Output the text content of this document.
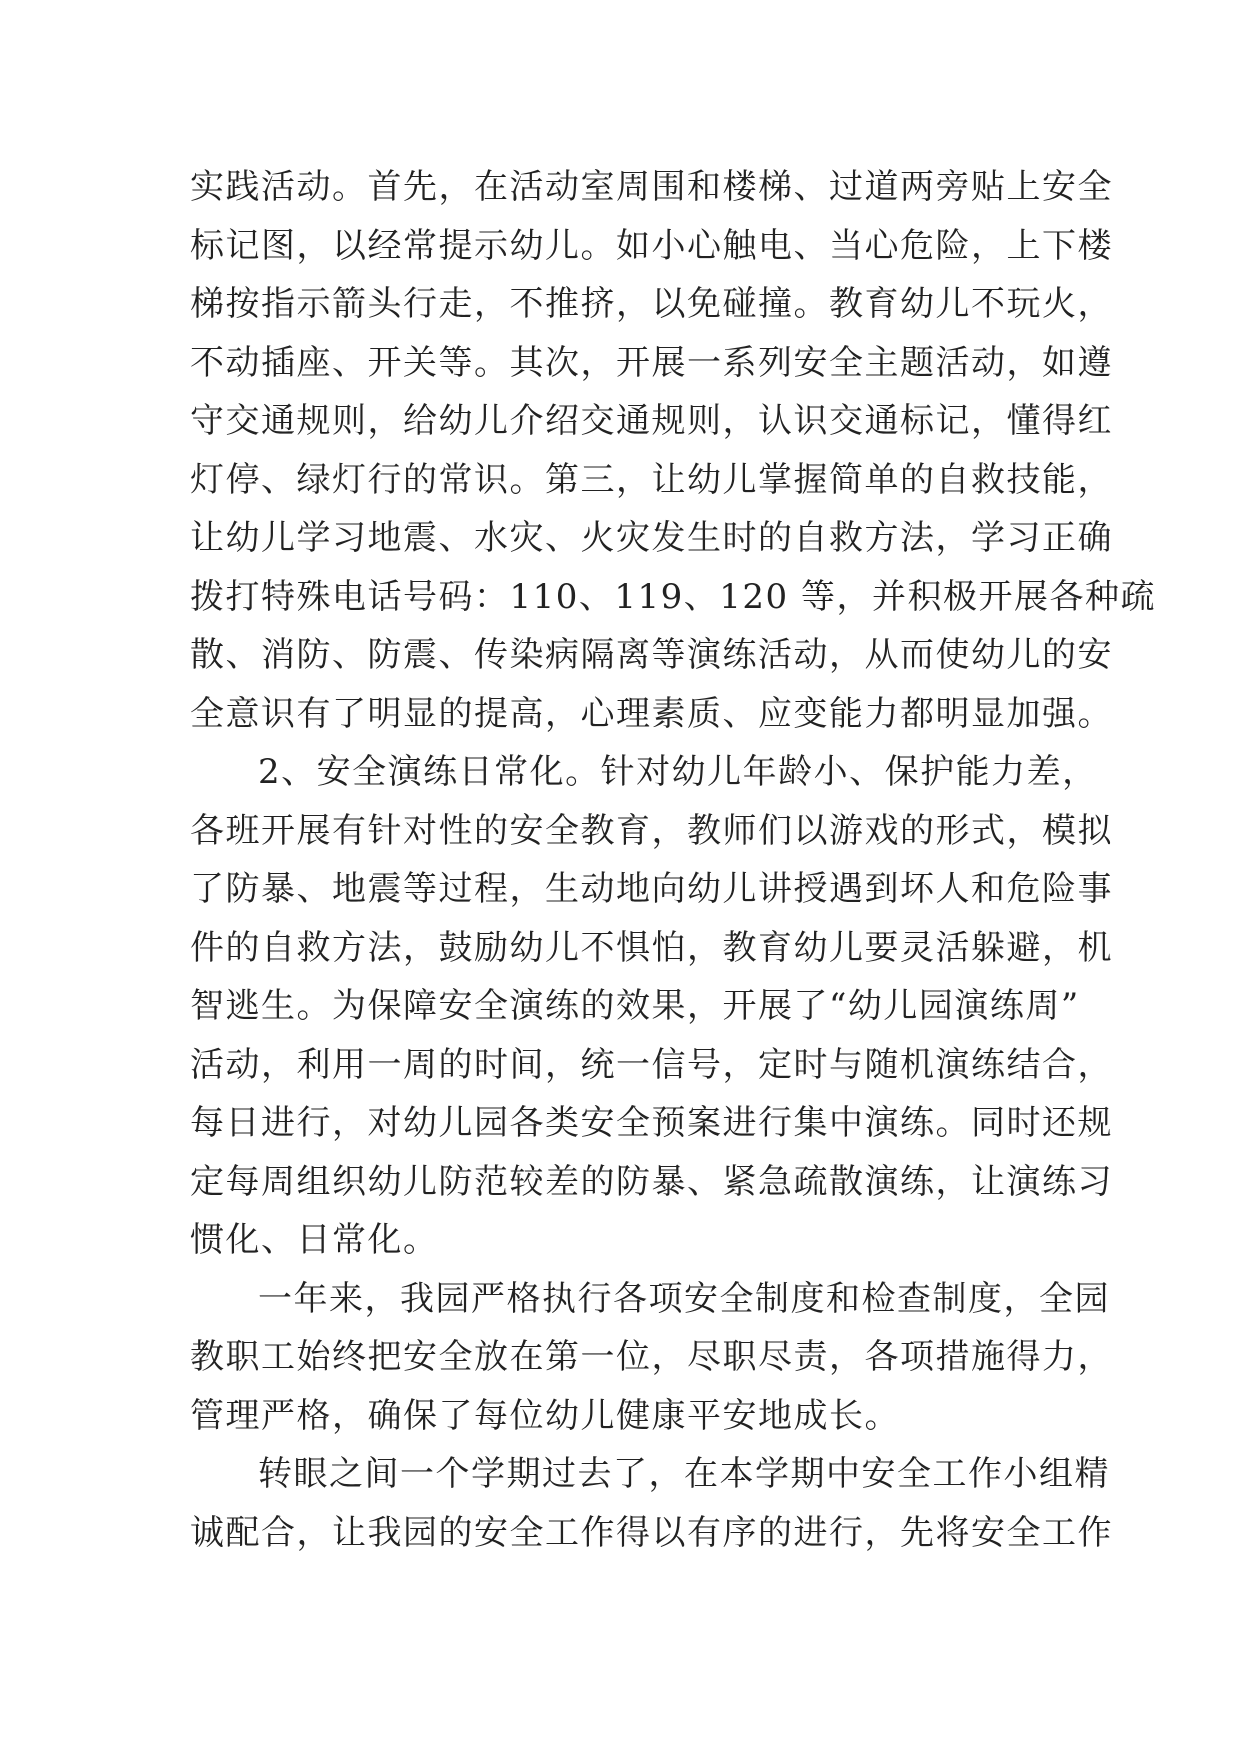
实践活动。首先，在活动室周围和楼梯、过道两旁贴上安全
标记图，以经常提示幼儿。如小心触电、当心危险，上下楼
梯按指示箭头行走，不推挤，以免碰撞。教育幼儿不玩火，
不动插座、开关等。其次，开展一系列安全主题活动，如遵
守交通规则，给幼儿介绍交通规则，认识交通标记，懂得红
灯停、绿灯行的常识。第三，让幼儿掌握简单的自救技能，
让幼儿学习地震、水灾、火灾发生时的自救方法，学习正确
拨打特殊电话号码：110、119、120 等，并积极开展各种疏
散、消防、防震、传染病隔离等演练活动，从而使幼儿的安
全意识有了明显的提高，心理素质、应变能力都明显加强。
2、安全演练日常化。针对幼儿年龄小、保护能力差，
各班开展有针对性的安全教育，教师们以游戏的形式，模拟
了防暴、地震等过程，生动地向幼儿讲授遇到坏人和危险事
件的自救方法，鼓励幼儿不惧怕，教育幼儿要灵活躲避，机
智逃生。为保障安全演练的效果，开展了“幼儿园演练周”
活动，利用一周的时间，统一信号，定时与随机演练结合，
每日进行，对幼儿园各类安全预案进行集中演练。同时还规
定每周组织幼儿防范较差的防暴、紧急疏散演练，让演练习
惯化、日常化。
一年来，我园严格执行各项安全制度和检查制度，全园
教职工始终把安全放在第一位，尽职尽责，各项措施得力，
管理严格，确保了每位幼儿健康平安地成长。
转眼之间一个学期过去了，在本学期中安全工作小组精
诚配合，让我园的安全工作得以有序的进行，先将安全工作
